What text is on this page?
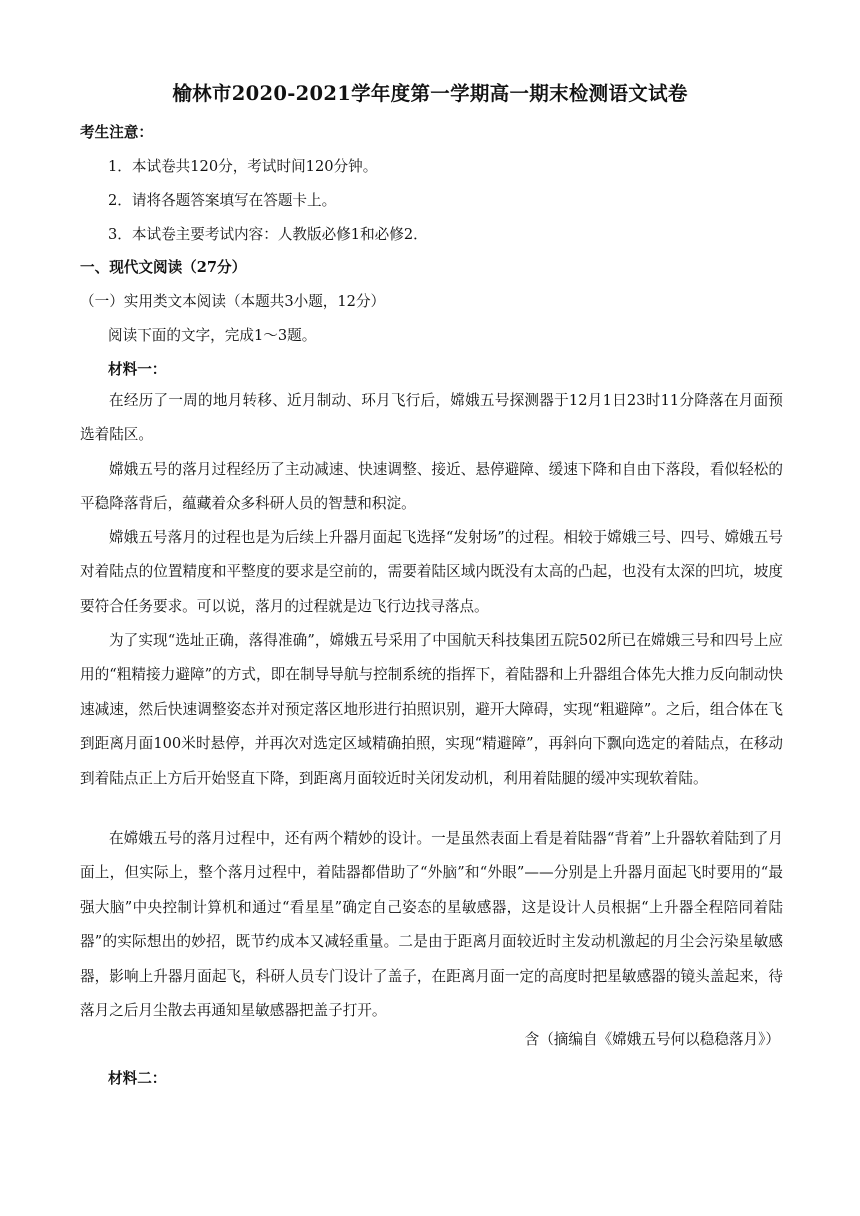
榆林市2020-2021学年度第一学期高一期末检测语文试卷
考生注意：
1．本试卷共120分，考试时间120分钟。
2．请将各题答案填写在答题卡上。
3．本试卷主要考试内容：人教版必修1和必修2．
一、现代文阅读（27分）
（一）实用类文本阅读（本题共3小题，12分）
阅读下面的文字，完成1～3题。
材料一：
在经历了一周的地月转移、近月制动、环月飞行后，嫦娥五号探测器于12月1日23时11分降落在月面预选着陆区。
嫦娥五号的落月过程经历了主动减速、快速调整、接近、悬停避障、缓速下降和自由下落段，看似轻松的平稳降落背后，蕴藏着众多科研人员的智慧和积淀。
嫦娥五号落月的过程也是为后续上升器月面起飞选择“发射场”的过程。相较于嫦娥三号、四号、嫦娥五号对着陆点的位置精度和平整度的要求是空前的，需要着陆区域内既没有太高的凸起，也没有太深的凹坑，坡度要符合任务要求。可以说，落月的过程就是边飞行边找寻落点。
为了实现“选址正确，落得准确”，嫦娥五号采用了中国航天科技集团五院502所已在嫦娥三号和四号上应用的“粗精接力避障”的方式，即在制导导航与控制系统的指挥下，着陆器和上升器组合体先大推力反向制动快速减速，然后快速调整姿态并对预定落区地形进行拍照识别，避开大障碍，实现“粗避障”。之后，组合体在飞到距离月面100米时悬停，并再次对选定区域精确拍照，实现“精避障”，再斜向下飘向选定的着陆点，在移动到着陆点正上方后开始竖直下降，到距离月面较近时关闭发动机，利用着陆腿的缓冲实现软着陆。
在嫦娥五号的落月过程中，还有两个精妙的设计。一是虽然表面上看是着陆器“背着”上升器软着陆到了月面上，但实际上，整个落月过程中，着陆器都借助了“外脑”和“外眼”——分别是上升器月面起飞时要用的“最强大脑”中央控制计算机和通过“看星星”确定自己姿态的星敏感器，这是设计人员根据“上升器全程陪同着陆器”的实际想出的妙招，既节约成本又减轻重量。二是由于距离月面较近时主发动机激起的月尘会污染星敏感器，影响上升器月面起飞，科研人员专门设计了盖子，在距离月面一定的高度时把星敏感器的镜头盖起来，待落月之后月尘散去再通知星敏感器把盖子打开。
含（摘编自《嫦娥五号何以稳稳落月》）
材料二：
